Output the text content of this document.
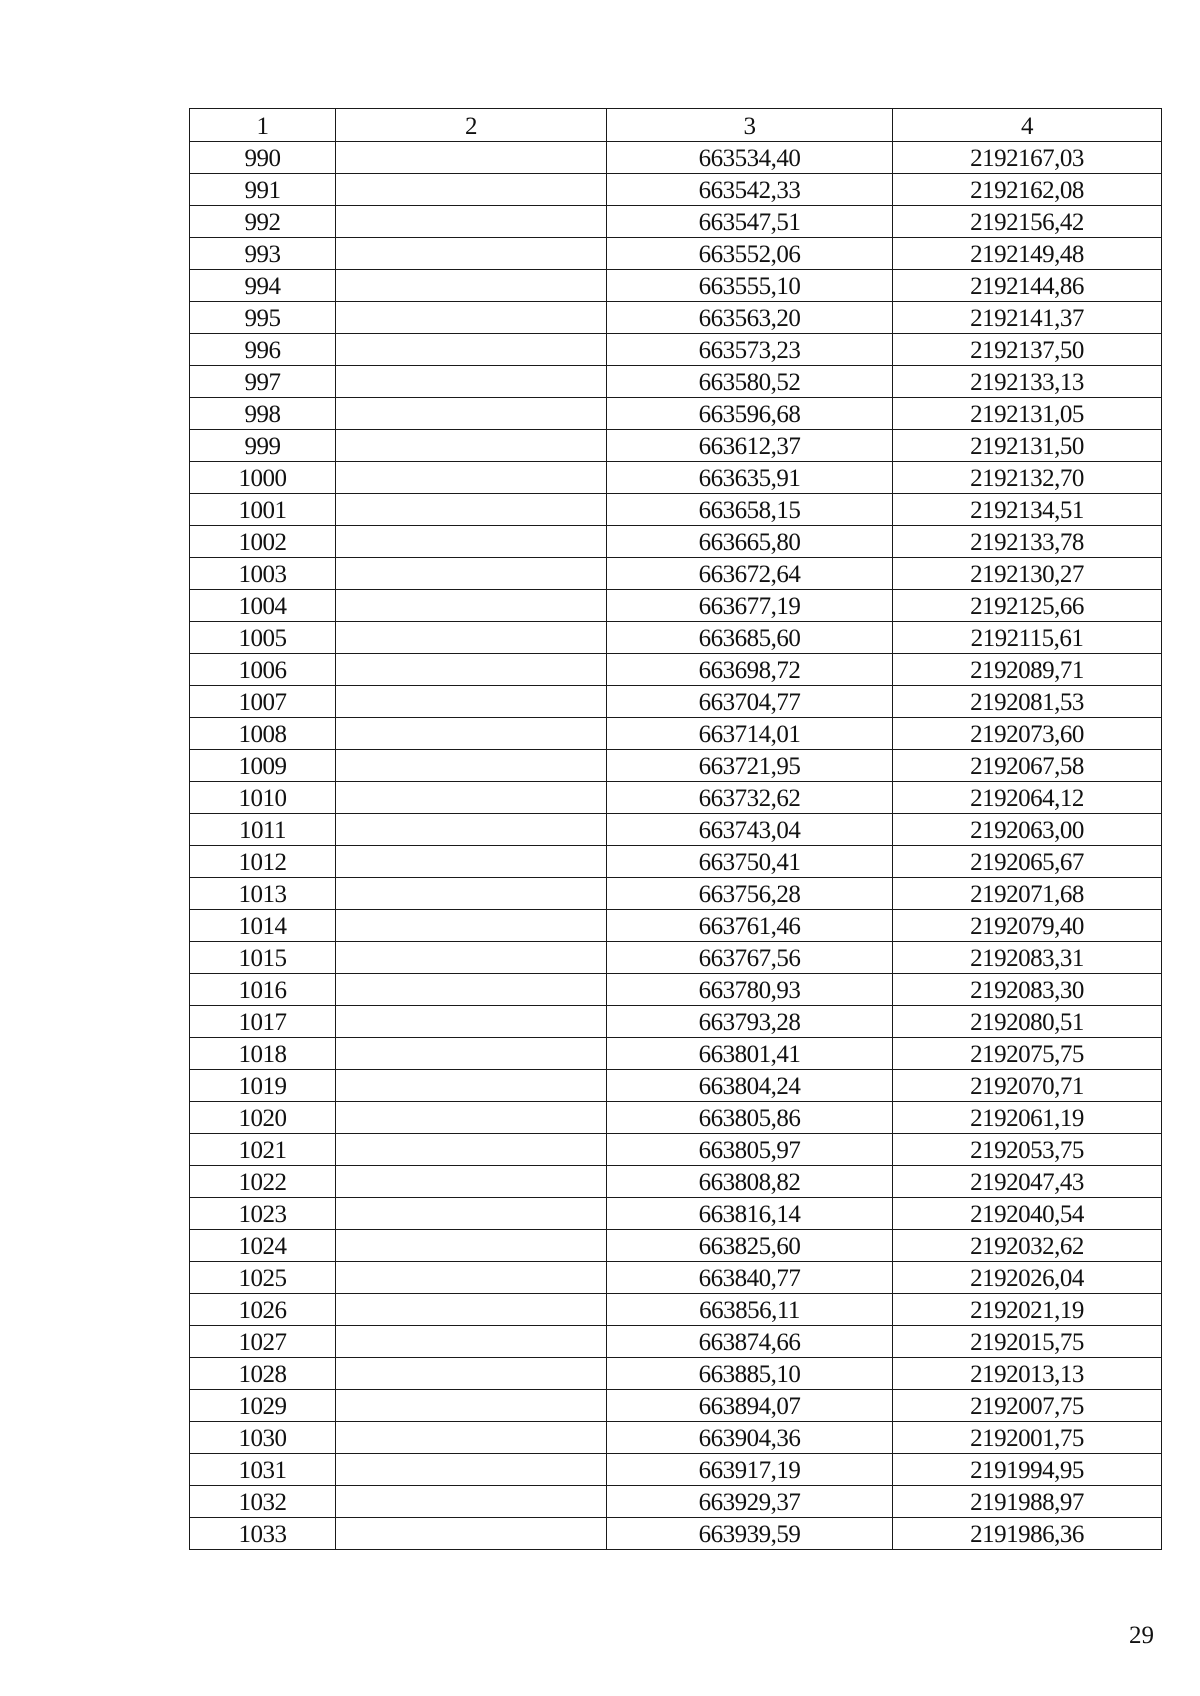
1	2	3	4
990		663534,40	2192167,03
991		663542,33	2192162,08
992		663547,51	2192156,42
993		663552,06	2192149,48
994		663555,10	2192144,86
995		663563,20	2192141,37
996		663573,23	2192137,50
997		663580,52	2192133,13
998		663596,68	2192131,05
999		663612,37	2192131,50
1000		663635,91	2192132,70
1001		663658,15	2192134,51
1002		663665,80	2192133,78
1003		663672,64	2192130,27
1004		663677,19	2192125,66
1005		663685,60	2192115,61
1006		663698,72	2192089,71
1007		663704,77	2192081,53
1008		663714,01	2192073,60
1009		663721,95	2192067,58
1010		663732,62	2192064,12
1011		663743,04	2192063,00
1012		663750,41	2192065,67
1013		663756,28	2192071,68
1014		663761,46	2192079,40
1015		663767,56	2192083,31
1016		663780,93	2192083,30
1017		663793,28	2192080,51
1018		663801,41	2192075,75
1019		663804,24	2192070,71
1020		663805,86	2192061,19
1021		663805,97	2192053,75
1022		663808,82	2192047,43
1023		663816,14	2192040,54
1024		663825,60	2192032,62
1025		663840,77	2192026,04
1026		663856,11	2192021,19
1027		663874,66	2192015,75
1028		663885,10	2192013,13
1029		663894,07	2192007,75
1030		663904,36	2192001,75
1031		663917,19	2191994,95
1032		663929,37	2191988,97
1033		663939,59	2191986,36
29
